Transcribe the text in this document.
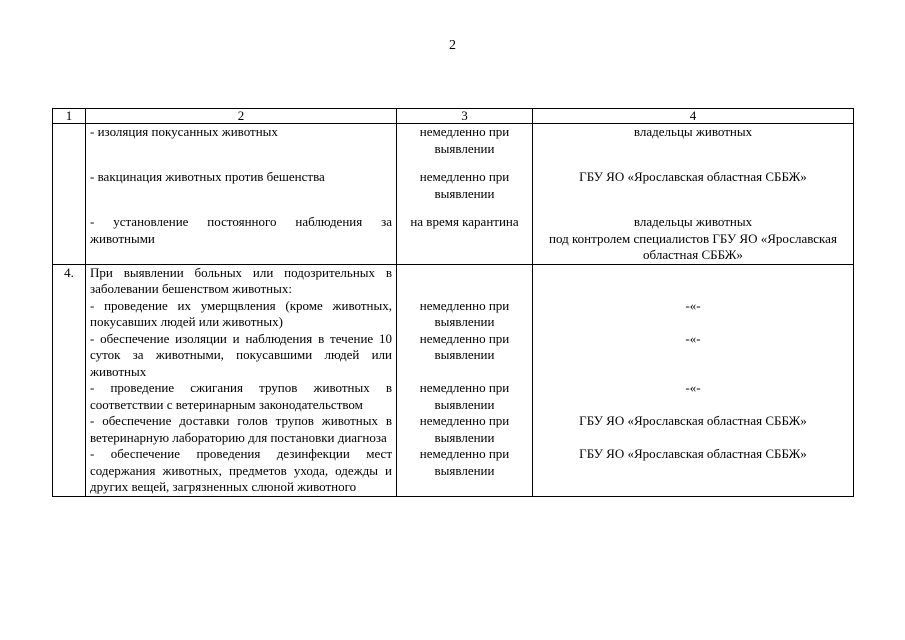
2
1	2	3	4
	- изоляция покусанных животных	немедленно при выявлении	владельцы животных

	- вакцинация животных против бешенства	немедленно при выявлении	ГБУ ЯО «Ярославская областная СББЖ»

	- установление постоянного наблюдения за животными	на время карантина	владельцы животных
под контролем специалистов ГБУ ЯО «Ярославская областная СББЖ»

4.	При выявлении больных или подозрительных в заболевании бешенством животных:		
	- проведение их умерщвления (кроме животных, покусавших людей или животных)	немедленно при выявлении	-«-
	- обеспечение изоляции и наблюдения в течение 10 суток за животными, покусавшими людей или животных	немедленно при выявлении	-«-
	- проведение сжигания трупов животных в соответствии с ветеринарным законодательством	немедленно при выявлении	-«-
	- обеспечение доставки голов трупов животных в ветеринарную лабораторию для постановки диагноза	немедленно при выявлении	ГБУ ЯО «Ярославская областная СББЖ»
	- обеспечение проведения дезинфекции мест содержания животных, предметов ухода, одежды и других вещей, загрязненных слюной животного	немедленно при выявлении	ГБУ ЯО «Ярославская областная СББЖ»
